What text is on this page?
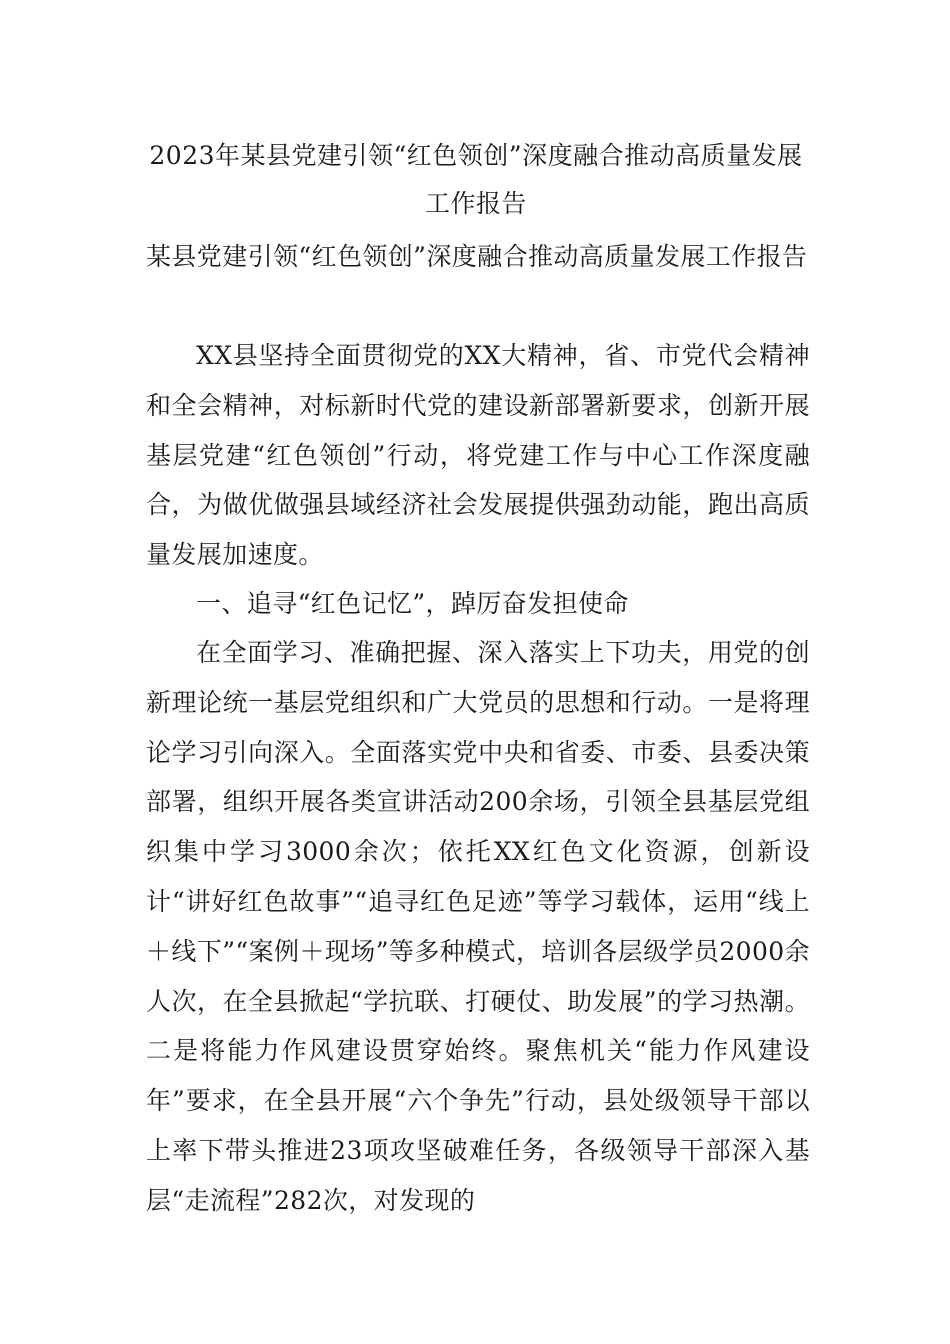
2023年某县党建引领“红色领创”深度融合推动高质量发展工作报告
某县党建引领“红色领创”深度融合推动高质量发展工作报告

XX县坚持全面贯彻党的XX大精神，省、市党代会精神和全会精神，对标新时代党的建设新部署新要求，创新开展基层党建“红色领创”行动，将党建工作与中心工作深度融合，为做优做强县域经济社会发展提供强劲动能，跑出高质量发展加速度。

一、追寻“红色记忆”，踔厉奋发担使命

在全面学习、准确把握、深入落实上下功夫，用党的创新理论统一基层党组织和广大党员的思想和行动。一是将理论学习引向深入。全面落实党中央和省委、市委、县委决策部署，组织开展各类宣讲活动200余场，引领全县基层党组织集中学习3000余次；依托XX红色文化资源，创新设计“讲好红色故事”“追寻红色足迹”等学习载体，运用“线上＋线下”“案例＋现场”等多种模式，培训各层级学员2000余人次，在全县掀起“学抗联、打硬仗、助发展”的学习热潮。二是将能力作风建设贯穿始终。聚焦机关“能力作风建设年”要求，在全县开展“六个争先”行动，县处级领导干部以上率下带头推进23项攻坚破难任务，各级领导干部深入基层“走流程”282次，对发现的
